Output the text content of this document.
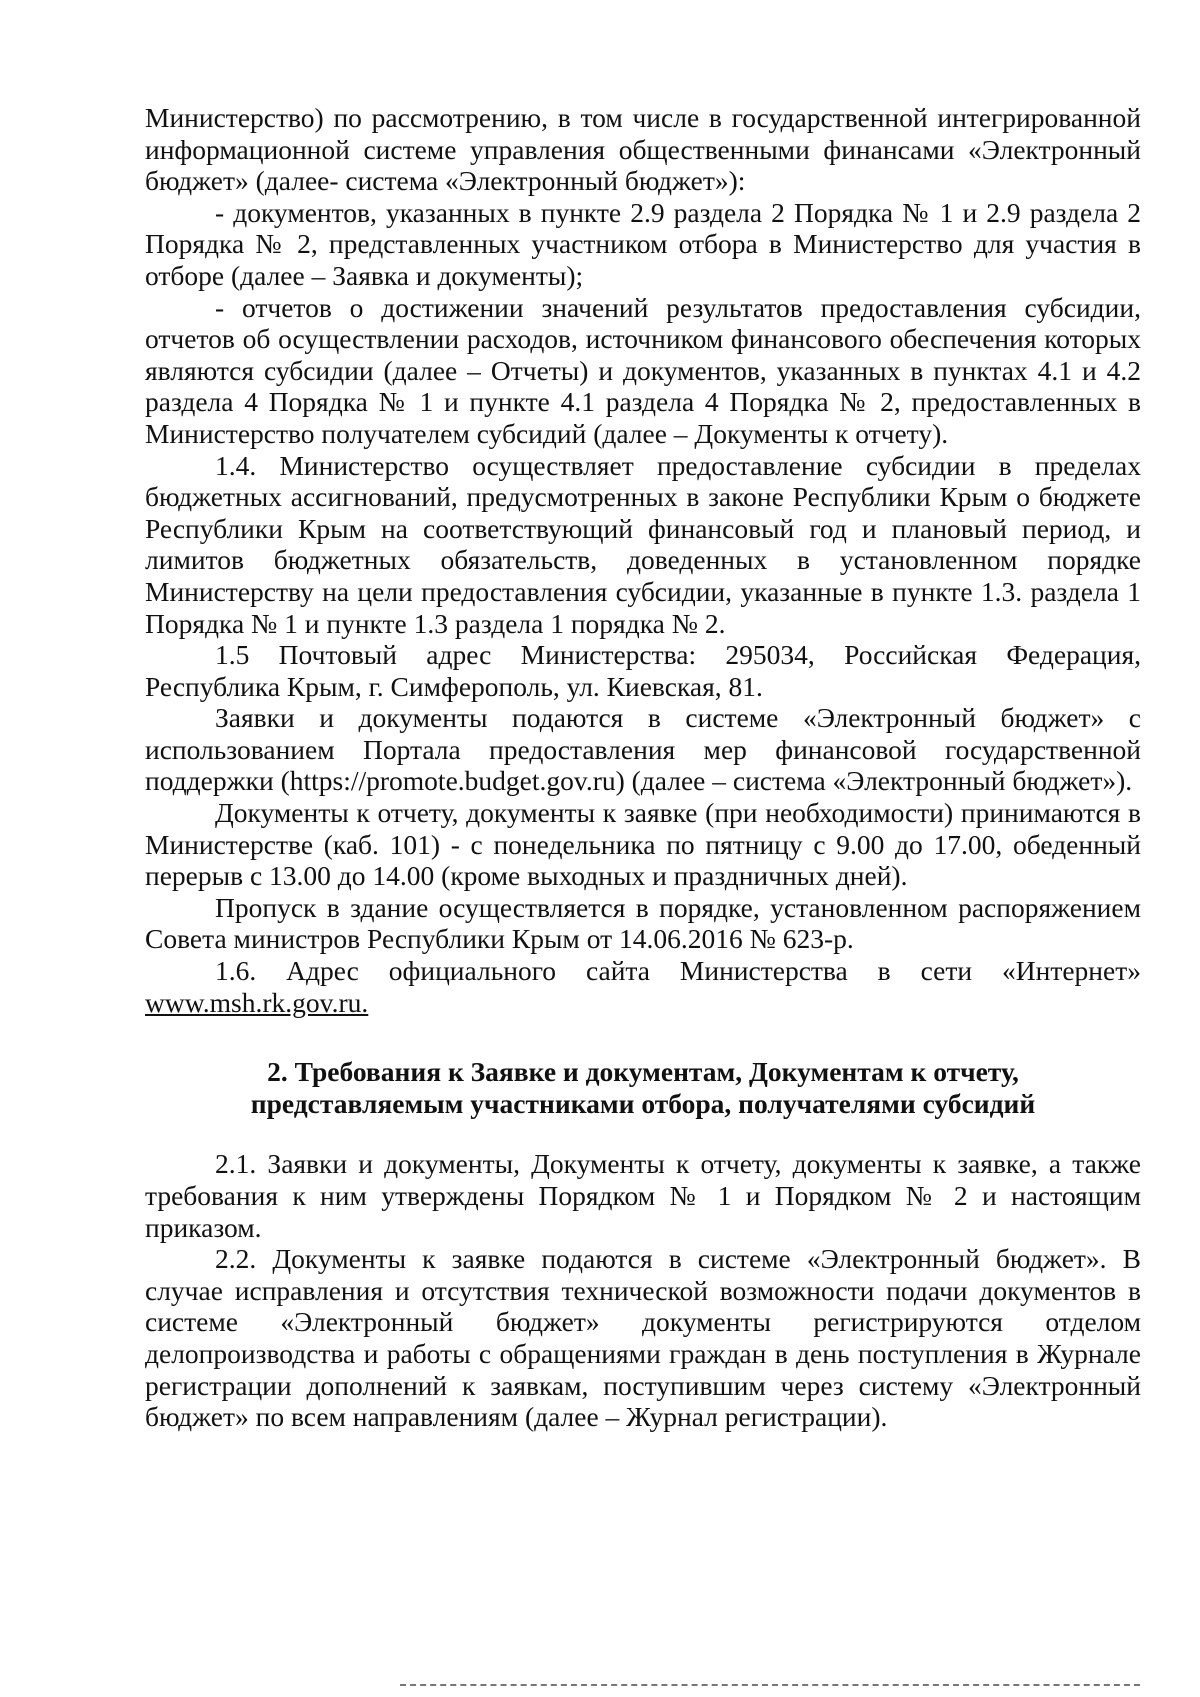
Министерство) по рассмотрению, в том числе в государственной интегрированной информационной системе управления общественными финансами «Электронный бюджет» (далее- система «Электронный бюджет»):

- документов, указанных в пункте 2.9 раздела 2 Порядка № 1 и 2.9 раздела 2 Порядка № 2, представленных участником отбора в Министерство для участия в отборе (далее – Заявка и документы);

- отчетов о достижении значений результатов предоставления субсидии, отчетов об осуществлении расходов, источником финансового обеспечения которых являются субсидии (далее – Отчеты) и документов, указанных в пунктах 4.1 и 4.2 раздела 4 Порядка № 1 и пункте 4.1 раздела 4 Порядка № 2, предоставленных в Министерство получателем субсидий (далее – Документы к отчету).

1.4. Министерство осуществляет предоставление субсидии в пределах бюджетных ассигнований, предусмотренных в законе Республики Крым о бюджете Республики Крым на соответствующий финансовый год и плановый период, и лимитов бюджетных обязательств, доведенных в установленном порядке Министерству на цели предоставления субсидии, указанные в пункте 1.3. раздела 1 Порядка № 1 и пункте 1.3 раздела 1 порядка № 2.

1.5 Почтовый адрес Министерства: 295034, Российская Федерация, Республика Крым, г. Симферополь, ул. Киевская, 81.

Заявки и документы подаются в системе «Электронный бюджет» с использованием Портала предоставления мер финансовой государственной поддержки (https://promote.budget.gov.ru) (далее – система «Электронный бюджет»).

Документы к отчету, документы к заявке (при необходимости) принимаются в Министерстве (каб. 101) - с понедельника по пятницу с 9.00 до 17.00, обеденный перерыв с 13.00 до 14.00 (кроме выходных и праздничных дней).

Пропуск в здание осуществляется в порядке, установленном распоряжением Совета министров Республики Крым от 14.06.2016 № 623-р.

1.6. Адрес официального сайта Министерства в сети «Интернет» www.msh.rk.gov.ru.

2. Требования к Заявке и документам, Документам к отчету,
представляемым участниками отбора, получателями субсидий

2.1. Заявки и документы, Документы к отчету, документы к заявке, а также требования к ним утверждены Порядком № 1 и Порядком № 2 и настоящим приказом.

2.2. Документы к заявке подаются в системе «Электронный бюджет». В случае исправления и отсутствия технической возможности подачи документов в системе «Электронный бюджет» документы регистрируются отделом делопроизводства и работы с обращениями граждан в день поступления в Журнале регистрации дополнений к заявкам, поступившим через систему «Электронный бюджет» по всем направлениям (далее – Журнал регистрации).
